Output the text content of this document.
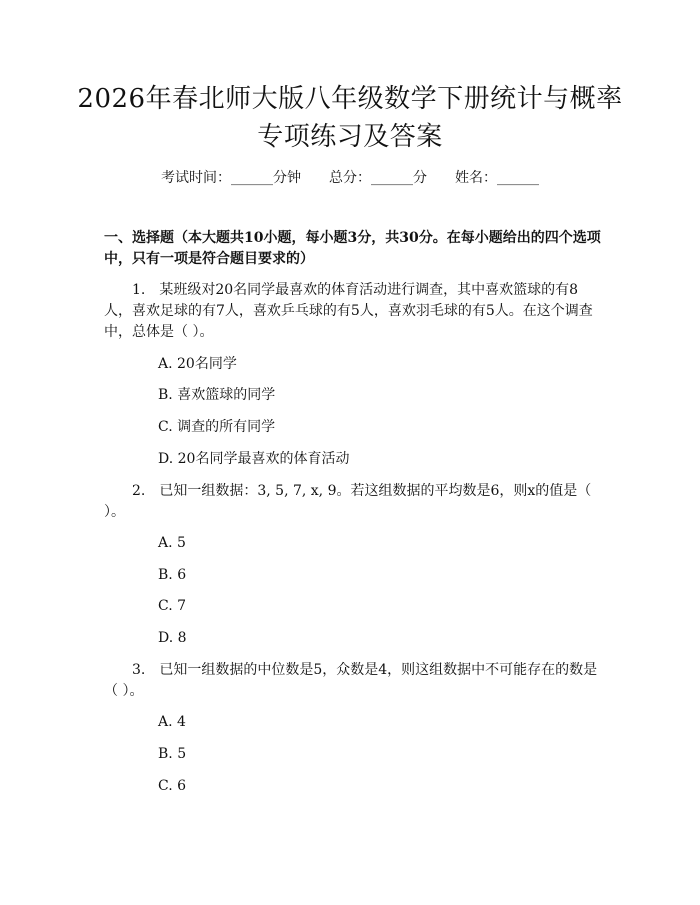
2026年春北师大版八年级数学下册统计与概率专项练习及答案
考试时间：______分钟 总分：______分 姓名：______
一、选择题（本大题共10小题，每小题3分，共30分。在每小题给出的四个选项中，只有一项是符合题目要求的）
1.　某班级对20名同学最喜欢的体育活动进行调查，其中喜欢篮球的有8人，喜欢足球的有7人，喜欢乒乓球的有5人，喜欢羽毛球的有5人。在这个调查中，总体是（ ）。
A. 20名同学
B. 喜欢篮球的同学
C. 调查的所有同学
D. 20名同学最喜欢的体育活动
2.　已知一组数据：3, 5, 7, x, 9。若这组数据的平均数是6，则x的值是（ ）。
A. 5
B. 6
C. 7
D. 8
3.　已知一组数据的中位数是5，众数是4，则这组数据中不可能存在的数是（ ）。
A. 4
B. 5
C. 6
